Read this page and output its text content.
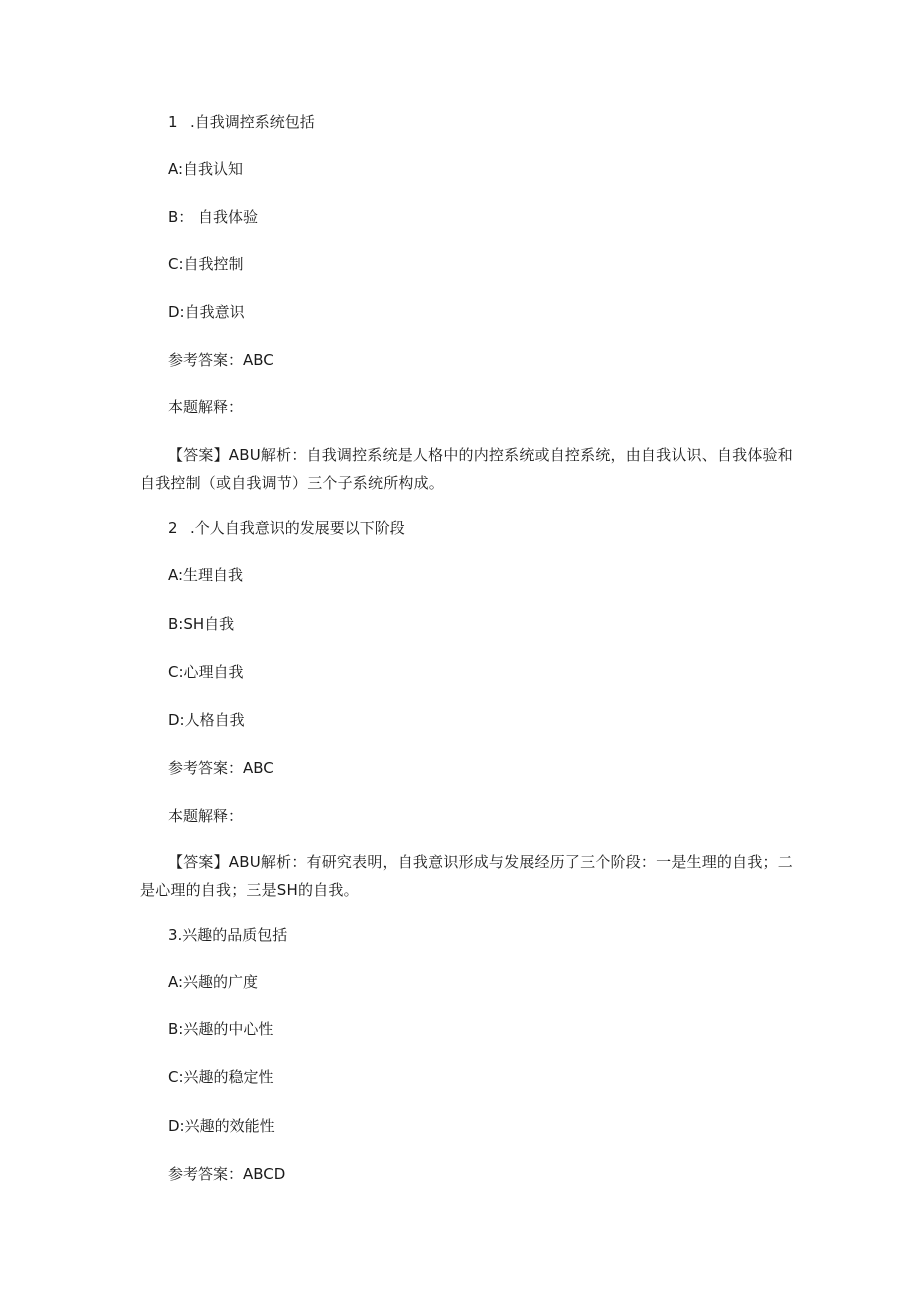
1 .自我调控系统包括

A:自我认知

B： 自我体验

C:自我控制

D:自我意识

参考答案：ABC

本题解释：

【答案】ABU解析：自我调控系统是人格中的内控系统或自控系统，由自我认识、自我体验和自我控制（或自我调节）三个子系统所构成。

2 .个人自我意识的发展要以下阶段

A:生理自我

B:SH自我

C:心理自我

D:人格自我

参考答案：ABC

本题解释：

【答案】ABU解析：有研究表明，自我意识形成与发展经历了三个阶段：一是生理的自我；二是心理的自我；三是SH的自我。

3.兴趣的品质包括

A:兴趣的广度

B:兴趣的中心性

C:兴趣的稳定性

D:兴趣的效能性

参考答案：ABCD
